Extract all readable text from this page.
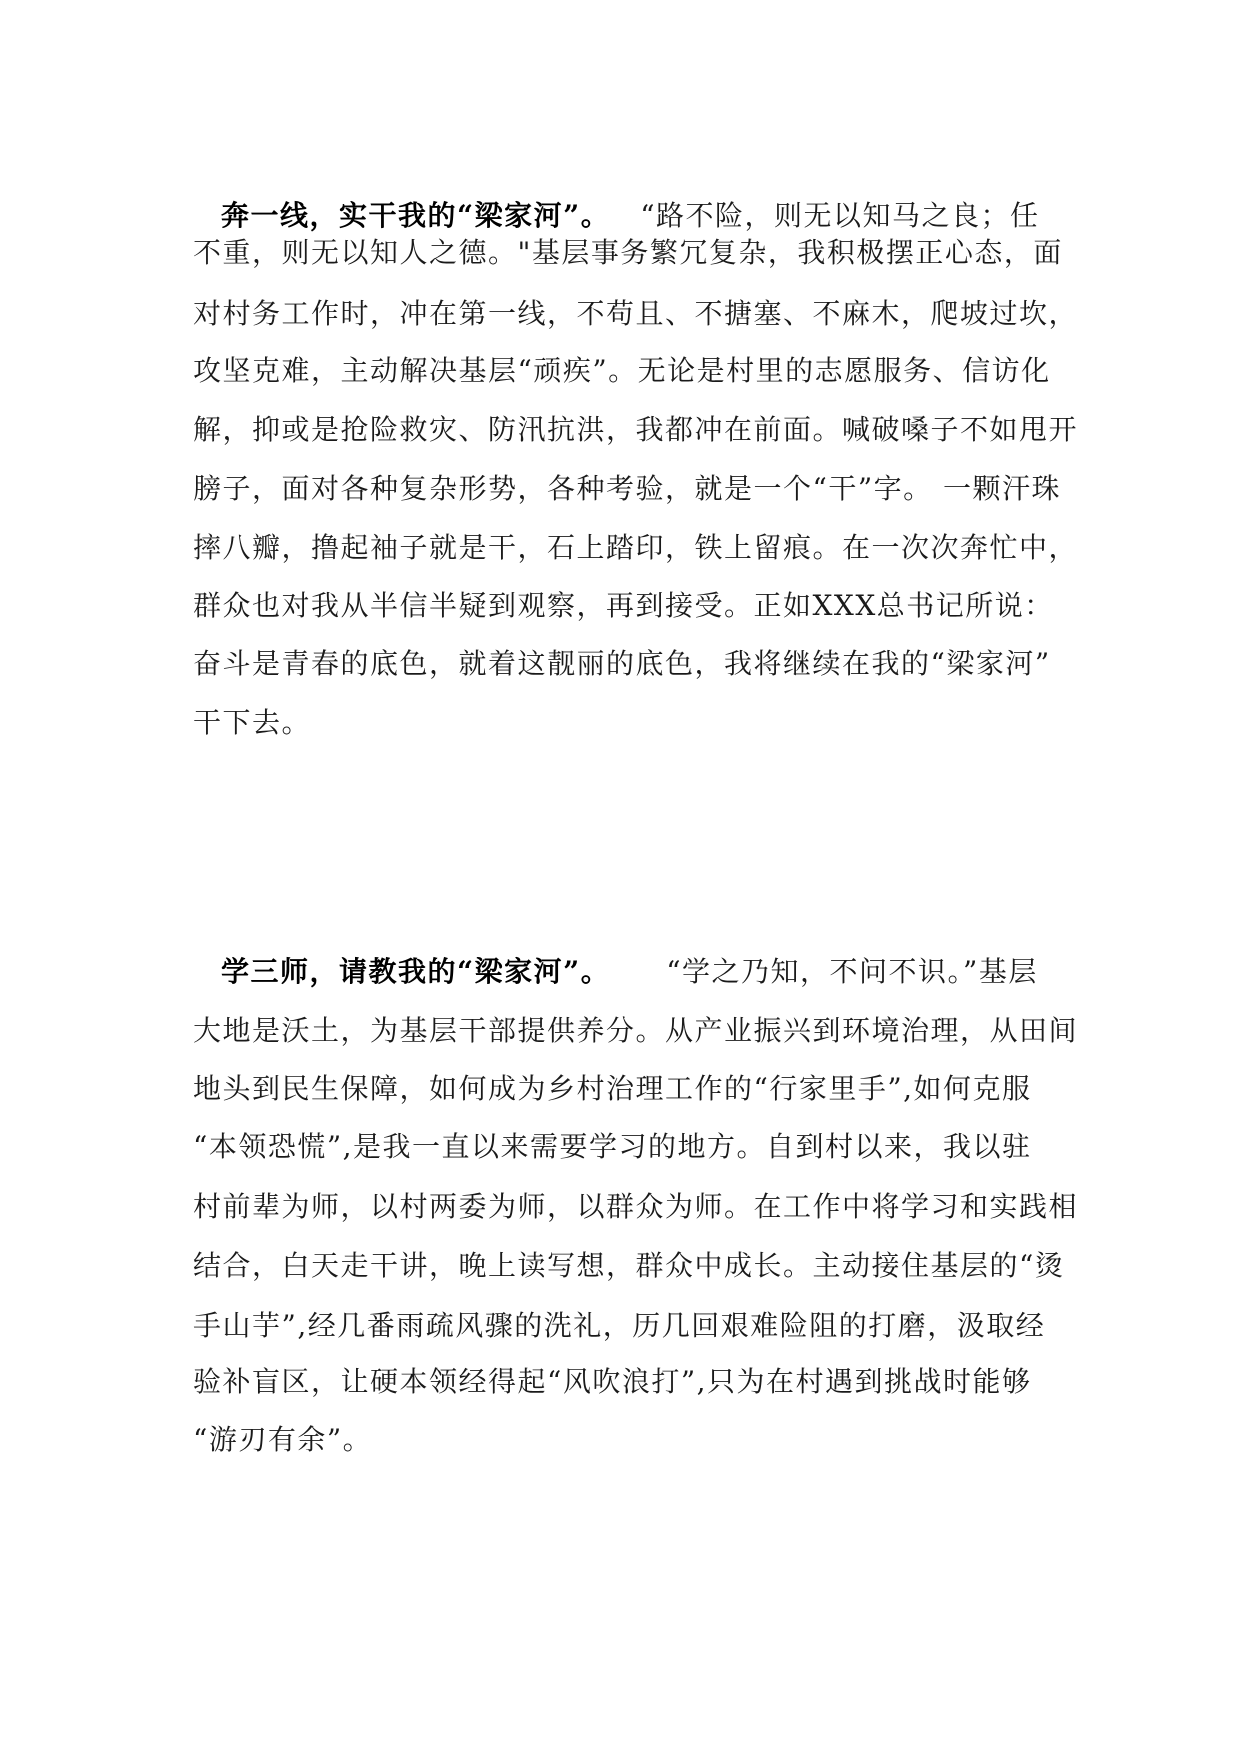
奔一线，实干我的“梁家河”。 “路不险，则无以知马之良；任

不重，则无以知人之德。"基层事务繁冗复杂，我积极摆正心态，面

对村务工作时，冲在第一线，不苟且、不搪塞、不麻木，爬坡过坎，

攻坚克难，主动解决基层“顽疾”。无论是村里的志愿服务、信访化

解，抑或是抢险救灾、防汛抗洪，我都冲在前面。喊破嗓子不如甩开

膀子，面对各种复杂形势，各种考验，就是一个“干”字。 一颗汗珠

摔八瓣，撸起袖子就是干，石上踏印，铁上留痕。在一次次奔忙中，

群众也对我从半信半疑到观察，再到接受。正如XXX总书记所说：

奋斗是青春的底色，就着这靓丽的底色，我将继续在我的“梁家河”

干下去。

学三师，请教我的“梁家河”。 “学之乃知，不问不识。”基层

大地是沃土，为基层干部提供养分。从产业振兴到环境治理，从田间

地头到民生保障，如何成为乡村治理工作的“行家里手”,如何克服

“本领恐慌”,是我一直以来需要学习的地方。自到村以来，我以驻

村前辈为师，以村两委为师，以群众为师。在工作中将学习和实践相

结合，白天走干讲，晚上读写想，群众中成长。主动接住基层的“烫

手山芋”,经几番雨疏风骤的洗礼，历几回艰难险阻的打磨，汲取经

验补盲区，让硬本领经得起“风吹浪打”,只为在村遇到挑战时能够

“游刃有余”。
